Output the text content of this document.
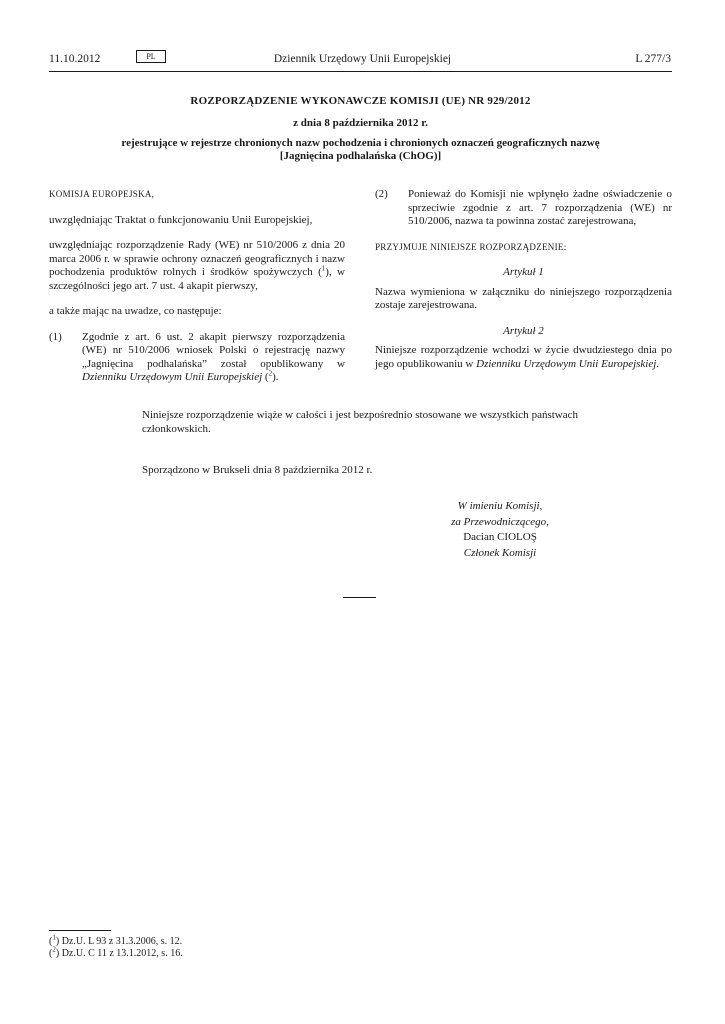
11.10.2012	PL	Dziennik Urzędowy Unii Europejskiej	L 277/3
ROZPORZĄDZENIE WYKONAWCZE KOMISJI (UE) NR 929/2012
z dnia 8 października 2012 r.
rejestrujące w rejestrze chronionych nazw pochodzenia i chronionych oznaczeń geograficznych nazwę [Jagnięcina podhalańska (ChOG)]

KOMISJA EUROPEJSKA,

uwzględniając Traktat o funkcjonowaniu Unii Europejskiej,

uwzględniając rozporządzenie Rady (WE) nr 510/2006 z dnia 20 marca 2006 r. w sprawie ochrony oznaczeń geograficznych i nazw pochodzenia produktów rolnych i środków spożywczych ($^1$), w szczególności jego art. 7 ust. 4 akapit pierwszy,

a także mając na uwadze, co następuje:

(1)	Zgodnie z art. 6 ust. 2 akapit pierwszy rozporządzenia (WE) nr 510/2006 wniosek Polski o rejestrację nazwy „Jagnięcina podhalańska” został opublikowany w Dzienniku Urzędowym Unii Europejskiej ($^2$).
(2)	Ponieważ do Komisji nie wpłynęło żadne oświadczenie o sprzeciwie zgodnie z art. 7 rozporządzenia (WE) nr 510/2006, nazwa ta powinna zostać zarejestrowana,

PRZYJMUJE NINIEJSZE ROZPORZĄDZENIE:

Artykuł 1

Nazwa wymieniona w załączniku do niniejszego rozporządzenia zostaje zarejestrowana.

Artykuł 2

Niniejsze rozporządzenie wchodzi w życie dwudziestego dnia po jego opublikowaniu w Dzienniku Urzędowym Unii Europejskiej.

Niniejsze rozporządzenie wiąże w całości i jest bezpośrednio stosowane we wszystkich państwach członkowskich.
Sporządzono w Brukseli dnia 8 października 2012 r.
W imieniu Komisji,
za Przewodniczącego,
Dacian CIOLOŞ
Członek Komisji
($^1$) Dz.U. L 93 z 31.3.2006, s. 12.
($^2$) Dz.U. C 11 z 13.1.2012, s. 16.
